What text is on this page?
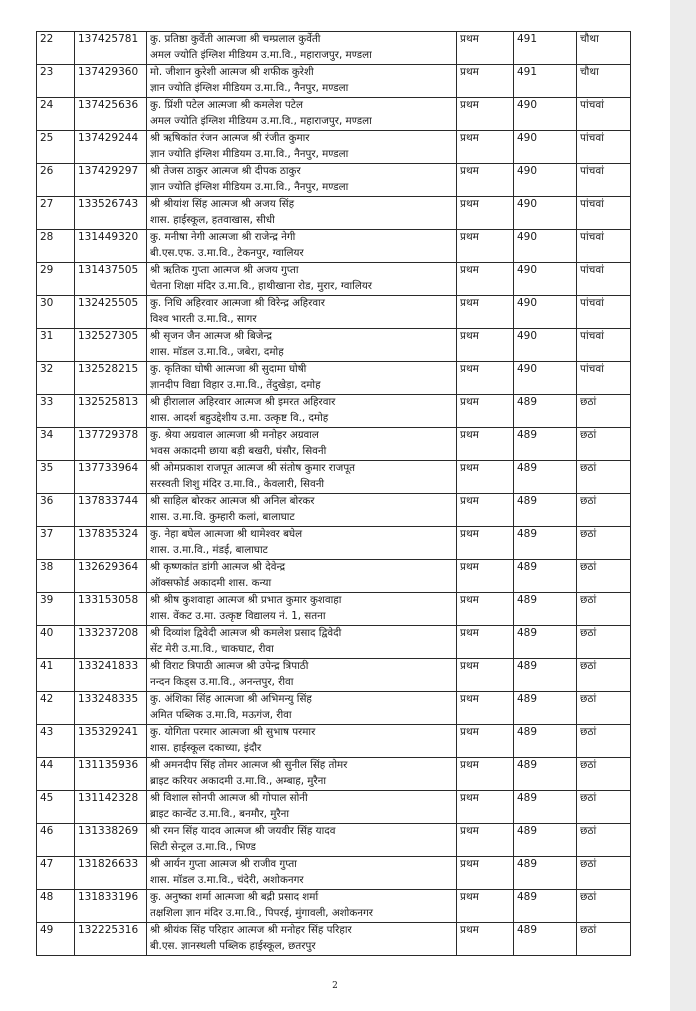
22	137425781	कु. प्रतिष्ठा कुर्वेती आत्मजा श्री चम्प्रलाल कुर्वेती
अमल ज्योति इंग्लिश मीडियम उ.मा.वि., महाराजपुर, मण्डला	प्रथम	491	चौथा
23	137429360	मो. जीशान कुरेशी आत्मज श्री शफीक कुरेशी
ज्ञान ज्योति इंग्लिश मीडियम उ.मा.वि., नैनपुर, मण्डला	प्रथम	491	चौथा
24	137425636	कु. प्रिंशी पटेल आत्मजा श्री कमलेश पटेल
अमल ज्योति इंग्लिश मीडियम उ.मा.वि., महाराजपुर, मण्डला	प्रथम	490	पांचवां
25	137429244	श्री ऋषिकांत रंजन आत्मज श्री रंजीत कुमार
ज्ञान ज्योति इंग्लिश मीडियम उ.मा.वि., नैनपुर, मण्डला	प्रथम	490	पांचवां
26	137429297	श्री तेजस ठाकुर आत्मज श्री दीपक ठाकुर
ज्ञान ज्योति इंग्लिश मीडियम उ.मा.वि., नैनपुर, मण्डला	प्रथम	490	पांचवां
27	133526743	श्री श्रीयांश सिंह आत्मज श्री अजय सिंह
शास. हाईस्कूल, हतवाखास, सीधी	प्रथम	490	पांचवां
28	131449320	कु. मनीषा नेगी आत्मजा श्री राजेन्द्र नेगी
बी.एस.एफ. उ.मा.वि., टेकनपुर, ग्वालियर	प्रथम	490	पांचवां
29	131437505	श्री ऋतिक गुप्ता आत्मज श्री अजय गुप्ता
चेतना शिक्षा मंदिर उ.मा.वि., हाथीखाना रोड, मुरार, ग्वालियर	प्रथम	490	पांचवां
30	132425505	कु. निधि अहिरवार आत्मजा श्री विरेन्द्र अहिरवार
विश्व भारती उ.मा.वि., सागर	प्रथम	490	पांचवां
31	132527305	श्री सृजन जैन आत्मज श्री बिजेन्द्र
शास. मॉडल उ.मा.वि., जबेरा, दमोह	प्रथम	490	पांचवां
32	132528215	कु. कृतिका घोषी आत्मजा श्री सुदामा घोषी
ज्ञानदीप विद्या विहार उ.मा.वि., तेंदुखेड़ा, दमोह	प्रथम	490	पांचवां
33	132525813	श्री हीरालाल अहिरवार आत्मज श्री इमरत अहिरवार
शास. आदर्श बहुउद्देशीय उ.मा. उत्कृष्ट वि., दमोह	प्रथम	489	छठां
34	137729378	कु. श्रेया अग्रवाल आत्मजा श्री मनोहर अग्रवाल
भवस अकादमी छाया बड़ी बखरी, घंसौर, सिवनी	प्रथम	489	छठां
35	137733964	श्री ओमप्रकाश राजपूत आत्मज श्री संतोष कुमार राजपूत
सरस्वती शिशु मंदिर उ.मा.वि., केवलारी, सिवनी	प्रथम	489	छठां
36	137833744	श्री साहिल बोरकर आत्मज श्री अनिल बोरकर
शास. उ.मा.वि. कुम्हारी कलां, बालाघाट	प्रथम	489	छठां
37	137835324	कु. नेहा बघेल आत्मजा श्री थामेश्वर बघेल
शास. उ.मा.वि., मंडई, बालाघाट	प्रथम	489	छठां
38	132629364	श्री कृष्णकांत डांगी आत्मज श्री देवेन्द्र
ऑक्सफोर्ड अकादमी शास. कन्या	प्रथम	489	छठां
39	133153058	श्री श्रीष कुशवाहा आत्मज श्री प्रभात कुमार कुशवाहा
शास. वेंकट उ.मा. उत्कृष्ट विद्यालय नं. 1, सतना	प्रथम	489	छठां
40	133237208	श्री दिव्यांश द्विवेदी आत्मज श्री कमलेश प्रसाद द्विवेदी
सेंट मेरी उ.मा.वि., चाकघाट, रीवा	प्रथम	489	छठां
41	133241833	श्री विराट त्रिपाठी आत्मज श्री उपेन्द्र त्रिपाठी
नन्दन किड्स उ.मा.वि., अनन्तपुर, रीवा	प्रथम	489	छठां
42	133248335	कु. अंशिका सिंह आत्मजा श्री अभिमन्यु सिंह
अमित पब्लिक उ.मा.वि, मऊगंज, रीवा	प्रथम	489	छठां
43	135329241	कु. योगिता परमार आत्मजा श्री सुभाष परमार
शास. हाईस्कूल दकाच्या, इंदौर	प्रथम	489	छठां
44	131135936	श्री अमनदीप सिंह तोमर आत्मज श्री सुनील सिंह तोमर
ब्राइट करियर अकादमी उ.मा.वि., अम्बाह, मुरैना	प्रथम	489	छठां
45	131142328	श्री विशाल सोनपी आत्मज श्री गोपाल सोनी
ब्राइट कान्वेंट उ.मा.वि., बनमौर, मुरैना	प्रथम	489	छठां
46	131338269	श्री रमन सिंह यादव आत्मज श्री जयवीर सिंह यादव
सिटी सेन्ट्रल उ.मा.वि., भिण्ड	प्रथम	489	छठां
47	131826633	श्री आर्यन गुप्ता आत्मज श्री राजीव गुप्ता
शास. मॉडल उ.मा.वि., चंदेरी, अशोकनगर	प्रथम	489	छठां
48	131833196	कु. अनुष्का शर्मा आत्मजा श्री बद्री प्रसाद शर्मा
तक्षशिला ज्ञान मंदिर उ.मा.वि., पिपरई, मुंगावली, अशोकनगर	प्रथम	489	छठां
49	132225316	श्री श्रीयंक सिंह परिहार आत्मज श्री मनोहर सिंह परिहार
बी.एस. ज्ञानस्थली पब्लिक हाईस्कूल, छतरपुर	प्रथम	489	छठां
2
